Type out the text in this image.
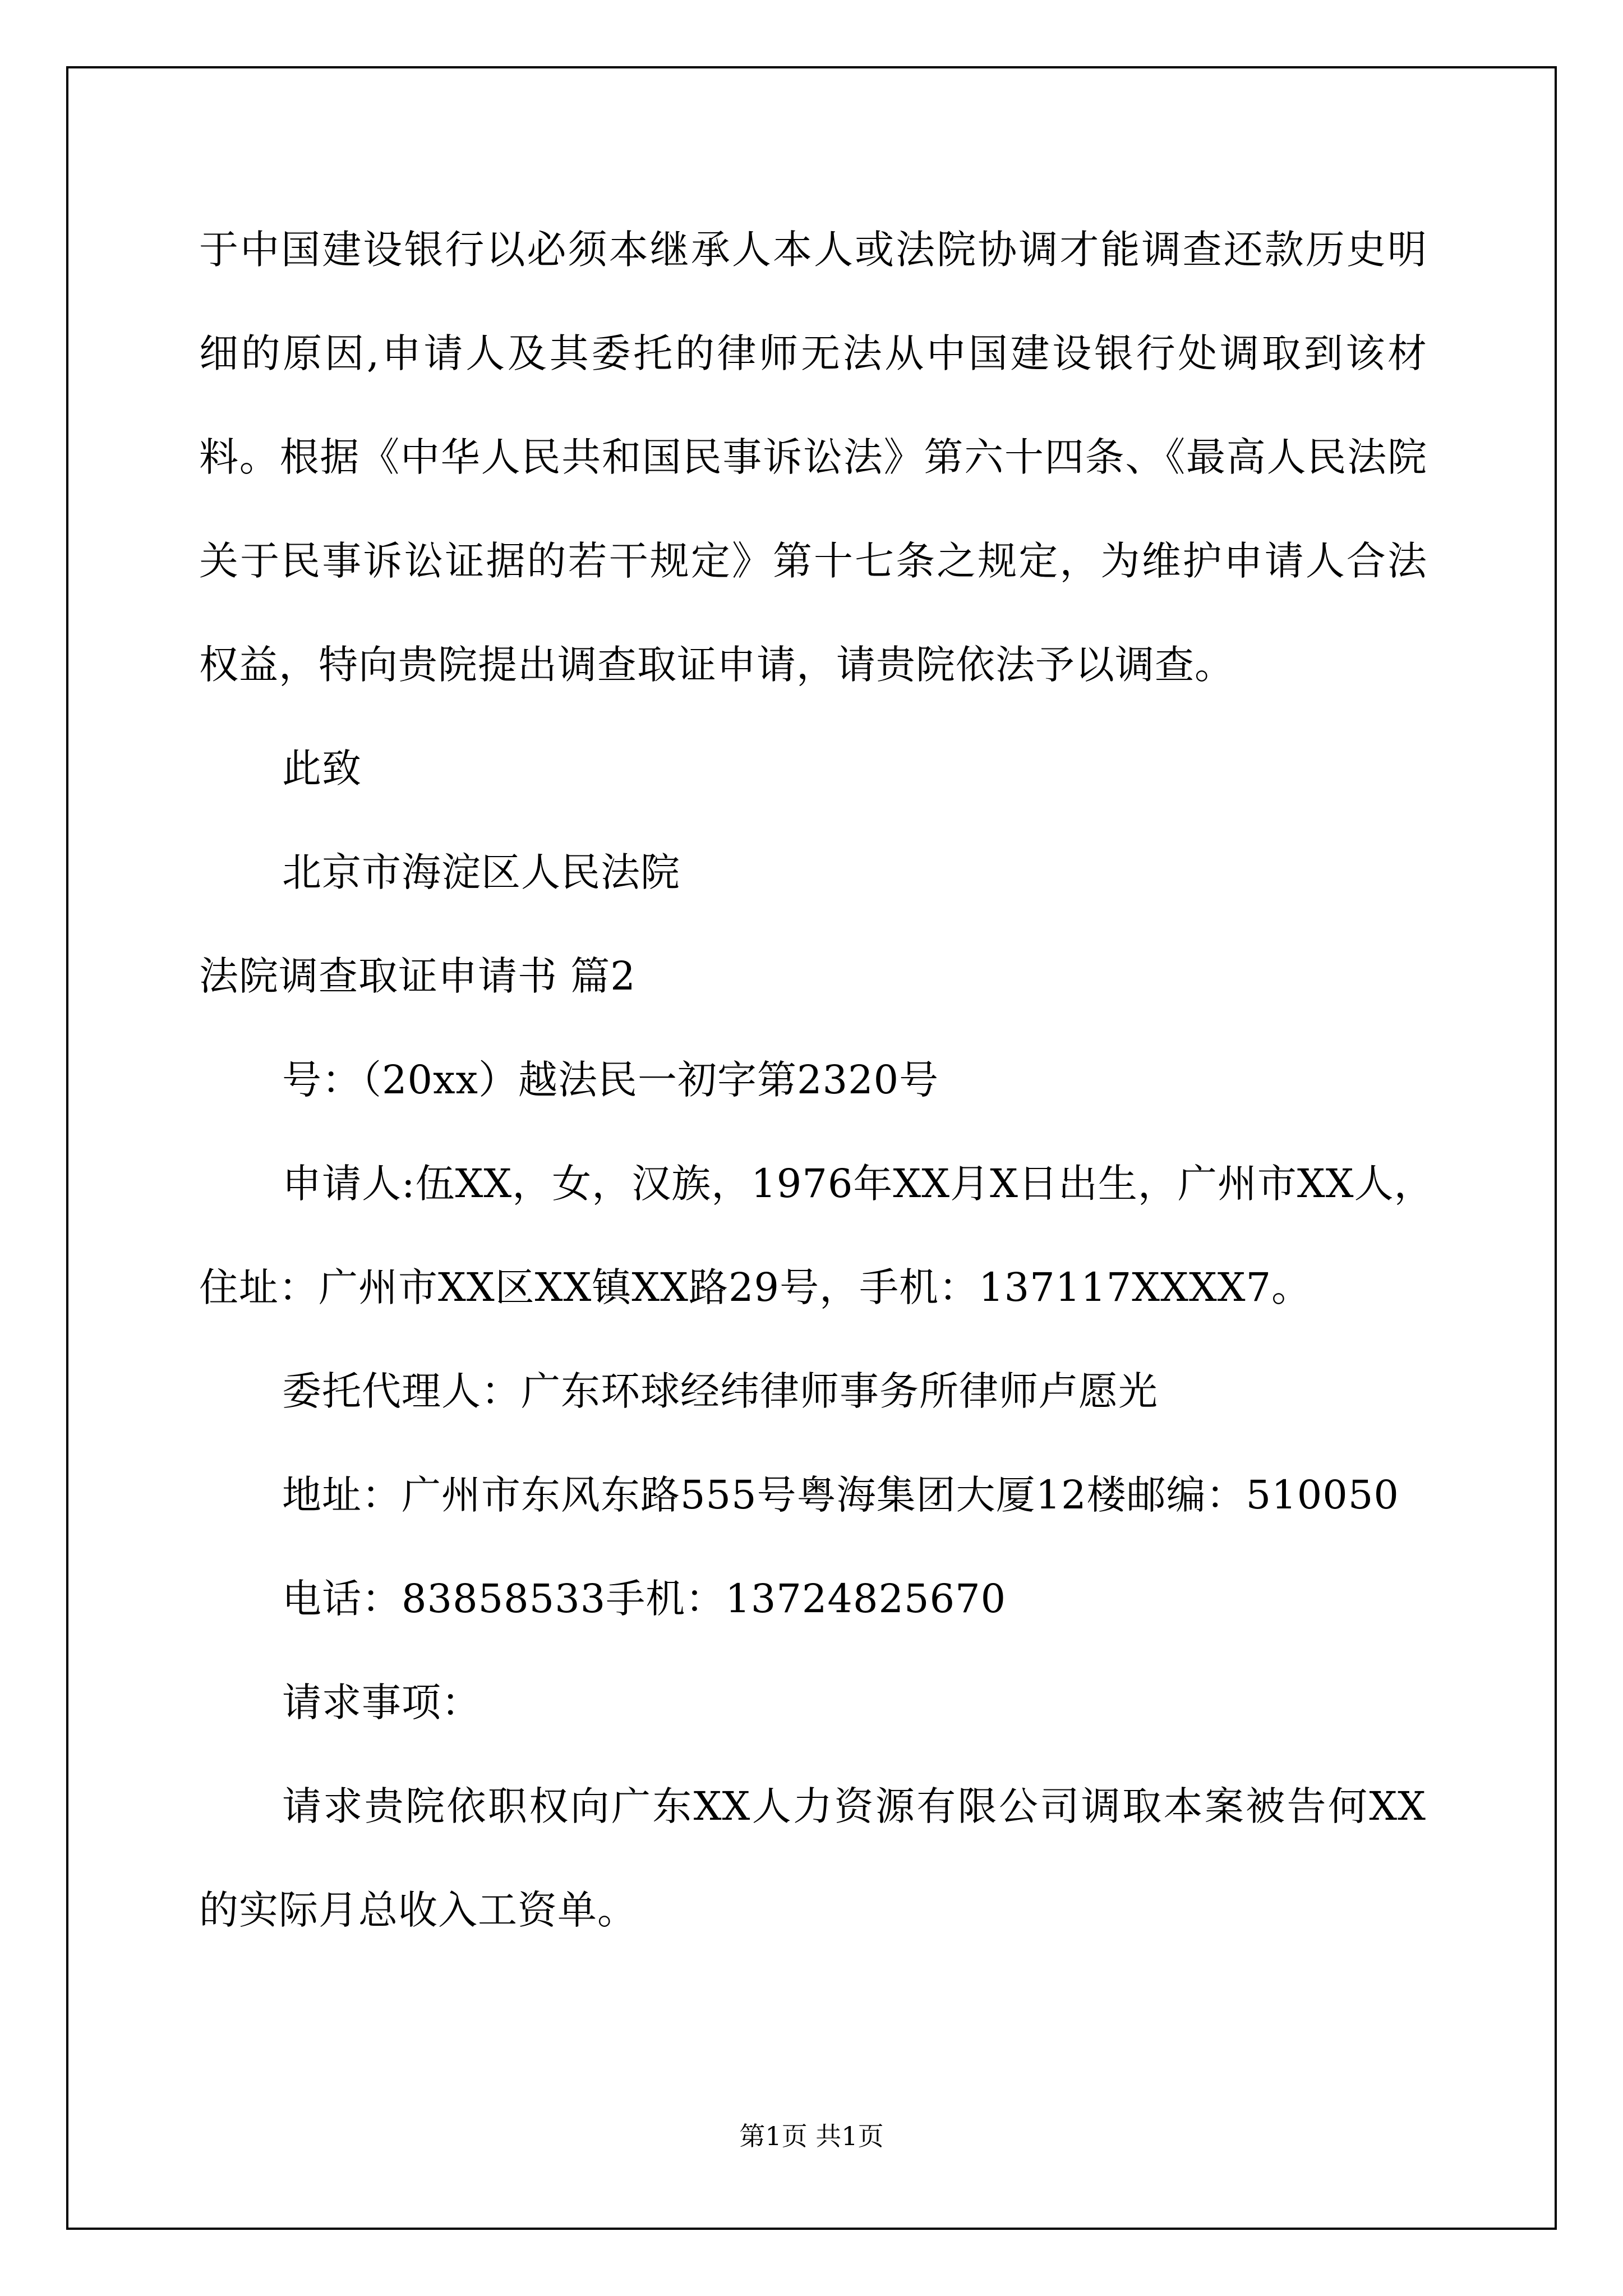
于中国建设银行以必须本继承人本人或法院协调才能调查还款历史明
细的原因,申请人及其委托的律师无法从中国建设银行处调取到该材
料。根据《中华人民共和国民事诉讼法》第六十四条、《最高人民法院
关于民事诉讼证据的若干规定》第十七条之规定，为维护申请人合法
权益，特向贵院提出调查取证申请，请贵院依法予以调查。
此致
北京市海淀区人民法院
法院调查取证申请书 篇2
号：（20xx）越法民一初字第2320号
申请人:伍XX，女，汉族，1976年XX月X日出生，广州市XX人，
住址：广州市XX区XX镇XX路29号，手机：137117XXXX7。
委托代理人：广东环球经纬律师事务所律师卢愿光
地址：广州市东风东路555号粤海集团大厦12楼邮编：510050
电话：83858533手机：13724825670
请求事项：
请求贵院依职权向广东XX人力资源有限公司调取本案被告何XX
的实际月总收入工资单。
第1页 共1页
